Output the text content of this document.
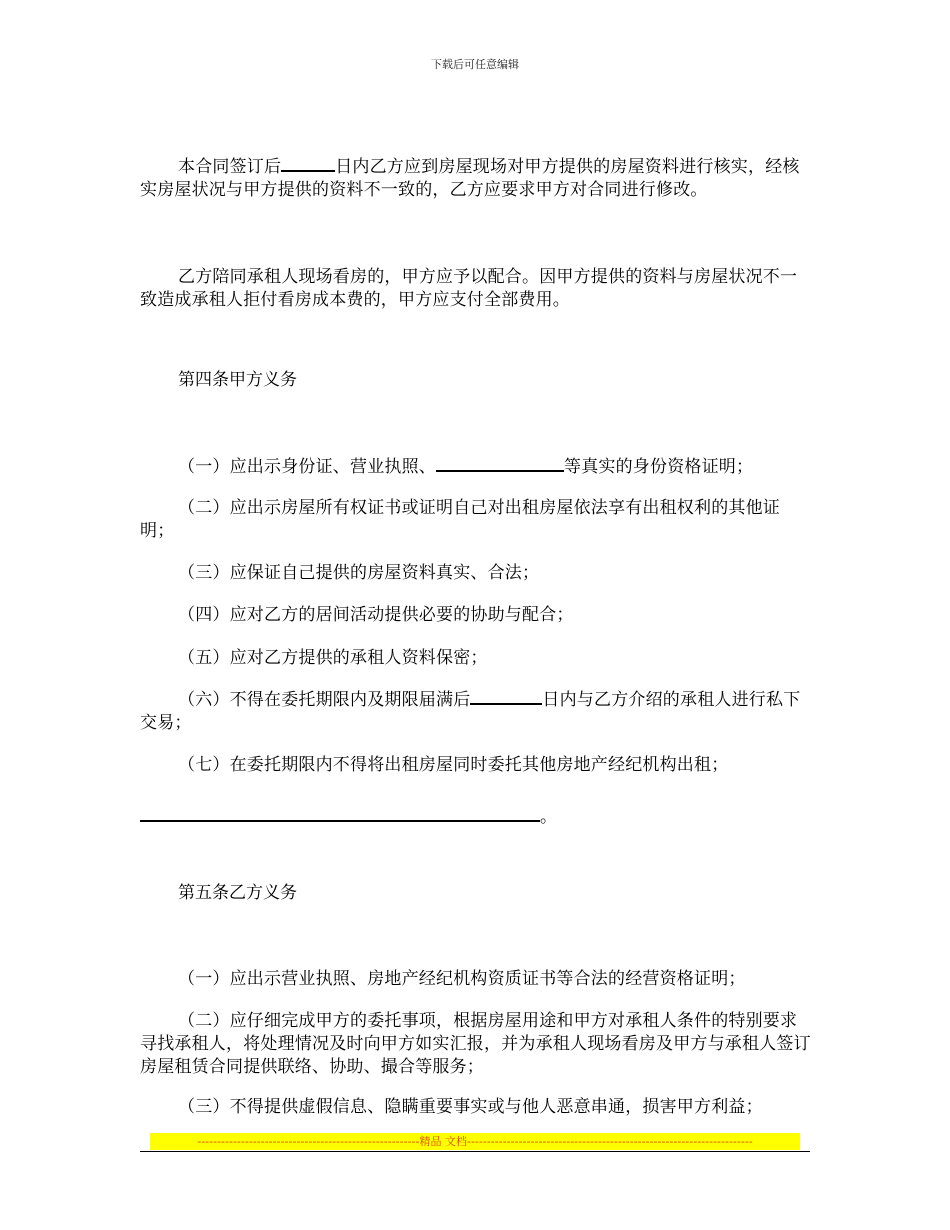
下载后可任意编辑

本合同签订后	日内乙方应到房屋现场对甲方提供的房屋资料进行核实，经核实房屋状况与甲方提供的资料不一致的，乙方应要求甲方对合同进行修改。

乙方陪同承租人现场看房的，甲方应予以配合。因甲方提供的资料与房屋状况不一致造成承租人拒付看房成本费的，甲方应支付全部费用。

第四条甲方义务

（一）应出示身份证、营业执照、	等真实的身份资格证明；

（二）应出示房屋所有权证书或证明自己对出租房屋依法享有出租权利的其他证明；

（三）应保证自己提供的房屋资料真实、合法；

（四）应对乙方的居间活动提供必要的协助与配合；

（五）应对乙方提供的承租人资料保密；

（六）不得在委托期限内及期限届满后	日内与乙方介绍的承租人进行私下交易；

（七）在委托期限内不得将出租房屋同时委托其他房地产经纪机构出租；

。

第五条乙方义务

（一）应出示营业执照、房地产经纪机构资质证书等合法的经营资格证明；

（二）应仔细完成甲方的委托事项，根据房屋用途和甲方对承租人条件的特别要求寻找承租人，将处理情况及时向甲方如实汇报，并为承租人现场看房及甲方与承租人签订房屋租赁合同提供联络、协助、撮合等服务；

（三）不得提供虚假信息、隐瞒重要事实或与他人恶意串通，损害甲方利益；

--------------------------------------------------------精品 文档------------------------------------------------------------------------
